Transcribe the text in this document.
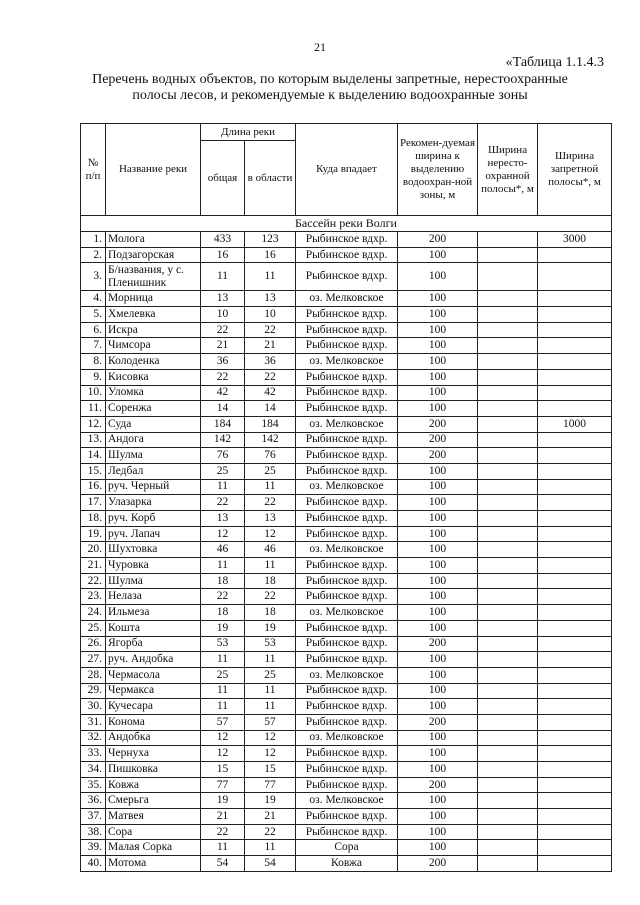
21
«Таблица 1.1.4.3
Перечень водных объектов, по которым выделены запретные, нерестоохранные полосы лесов, и рекомендуемые к выделению водоохранные зоны
№ п/п	Название реки	Длина реки		Куда впадает	Рекомен-дуемая ширина к выделению водоохран-ной зоны, м	Ширина нересто-охранной полосы*, м	Ширина запретной полосы*, м
		общая	в области				
Бассейн реки Волги							
1.	Молога	433	123	Рыбинское вдхр.	200		3000
2.	Подзагорская	16	16	Рыбинское вдхр.	100		
3.	Б/названия, у с. Пленишник	11	11	Рыбинское вдхр.	100		
4.	Морница	13	13	оз. Мелковское	100		
5.	Хмелевка	10	10	Рыбинское вдхр.	100		
6.	Искра	22	22	Рыбинское вдхр.	100		
7.	Чимсора	21	21	Рыбинское вдхр.	100		
8.	Колоденка	36	36	оз. Мелковское	100		
9.	Кисовка	22	22	Рыбинское вдхр.	100		
10.	Уломка	42	42	Рыбинское вдхр.	100		
11.	Соренжа	14	14	Рыбинское вдхр.	100		
12.	Суда	184	184	оз. Мелковское	200		1000
13.	Андога	142	142	Рыбинское вдхр.	200		
14.	Шулма	76	76	Рыбинское вдхр.	200		
15.	Ледбал	25	25	Рыбинское вдхр.	100		
16.	руч. Черный	11	11	оз. Мелковское	100		
17.	Улазарка	22	22	Рыбинское вдхр.	100		
18.	руч. Корб	13	13	Рыбинское вдхр.	100		
19.	руч. Лапач	12	12	Рыбинское вдхр.	100		
20.	Шухтовка	46	46	оз. Мелковское	100		
21.	Чуровка	11	11	Рыбинское вдхр.	100		
22.	Шулма	18	18	Рыбинское вдхр.	100		
23.	Нелаза	22	22	Рыбинское вдхр.	100		
24.	Ильмеза	18	18	оз. Мелковское	100		
25.	Кошта	19	19	Рыбинское вдхр.	100		
26.	Ягорба	53	53	Рыбинское вдхр.	200		
27.	руч. Андобка	11	11	Рыбинское вдхр.	100		
28.	Чермасола	25	25	оз. Мелковское	100		
29.	Чермакса	11	11	Рыбинское вдхр.	100		
30.	Кучесара	11	11	Рыбинское вдхр.	100		
31.	Конома	57	57	Рыбинское вдхр.	200		
32.	Андобка	12	12	оз. Мелковское	100		
33.	Чернуха	12	12	Рыбинское вдхр.	100		
34.	Пишковка	15	15	Рыбинское вдхр.	100		
35.	Ковжа	77	77	Рыбинское вдхр.	200		
36.	Смерьга	19	19	оз. Мелковское	100		
37.	Матвея	21	21	Рыбинское вдхр.	100		
38.	Сора	22	22	Рыбинское вдхр.	100		
39.	Малая Сорка	11	11	Сора	100		
40.	Мотома	54	54	Ковжа	200		
